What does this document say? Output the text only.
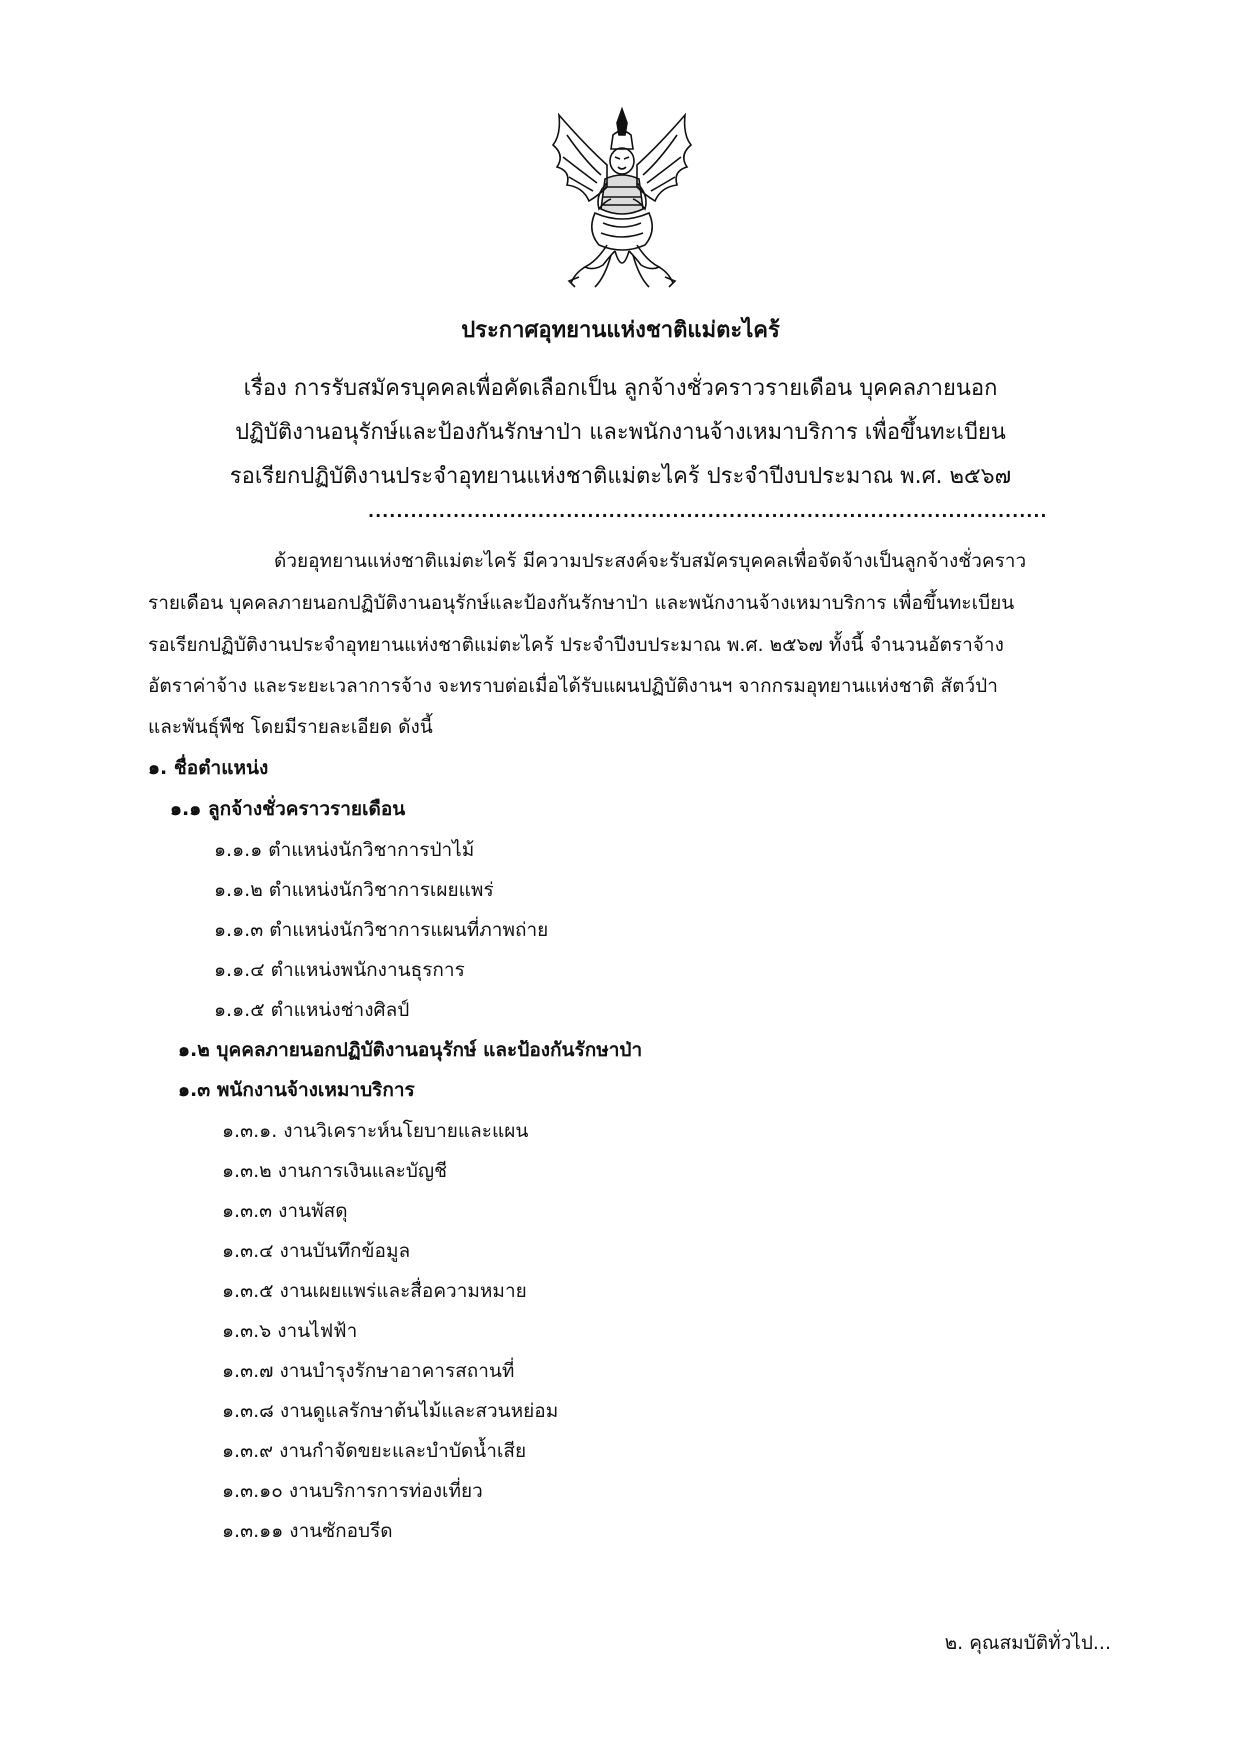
ประกาศอุทยานแห่งชาติแม่ตะไคร้
เรื่อง การรับสมัครบุคคลเพื่อคัดเลือกเป็น ลูกจ้างชั่วคราวรายเดือน บุคคลภายนอก
ปฏิบัติงานอนุรักษ์และป้องกันรักษาป่า และพนักงานจ้างเหมาบริการ เพื่อขึ้นทะเบียน
รอเรียกปฏิบัติงานประจำอุทยานแห่งชาติแม่ตะไคร้ ประจำปีงบประมาณ พ.ศ. ๒๕๖๗
................................................................................................
ด้วยอุทยานแห่งชาติแม่ตะไคร้ มีความประสงค์จะรับสมัครบุคคลเพื่อจัดจ้างเป็นลูกจ้างชั่วคราว
รายเดือน บุคคลภายนอกปฏิบัติงานอนุรักษ์และป้องกันรักษาป่า และพนักงานจ้างเหมาบริการ เพื่อขึ้นทะเบียน
รอเรียกปฏิบัติงานประจำอุทยานแห่งชาติแม่ตะไคร้ ประจำปีงบประมาณ พ.ศ. ๒๕๖๗ ทั้งนี้ จำนวนอัตราจ้าง
อัตราค่าจ้าง และระยะเวลาการจ้าง จะทราบต่อเมื่อได้รับแผนปฏิบัติงานฯ จากกรมอุทยานแห่งชาติ สัตว์ป่า
และพันธุ์พืช โดยมีรายละเอียด ดังนี้
๑. ชื่อตำแหน่ง
๑.๑ ลูกจ้างชั่วคราวรายเดือน
๑.๑.๑ ตำแหน่งนักวิชาการป่าไม้
๑.๑.๒ ตำแหน่งนักวิชาการเผยแพร่
๑.๑.๓ ตำแหน่งนักวิชาการแผนที่ภาพถ่าย
๑.๑.๔ ตำแหน่งพนักงานธุรการ
๑.๑.๕ ตำแหน่งช่างศิลป์
๑.๒ บุคคลภายนอกปฏิบัติงานอนุรักษ์ และป้องกันรักษาป่า
๑.๓ พนักงานจ้างเหมาบริการ
๑.๓.๑. งานวิเคราะห์นโยบายและแผน
๑.๓.๒ งานการเงินและบัญชี
๑.๓.๓ งานพัสดุ
๑.๓.๔ งานบันทึกข้อมูล
๑.๓.๕ งานเผยแพร่และสื่อความหมาย
๑.๓.๖ งานไฟฟ้า
๑.๓.๗ งานบำรุงรักษาอาคารสถานที่
๑.๓.๘ งานดูแลรักษาต้นไม้และสวนหย่อม
๑.๓.๙ งานกำจัดขยะและบำบัดน้ำเสีย
๑.๓.๑๐ งานบริการการท่องเที่ยว
๑.๓.๑๑ งานซักอบรีด
๒. คุณสมบัติทั่วไป...
